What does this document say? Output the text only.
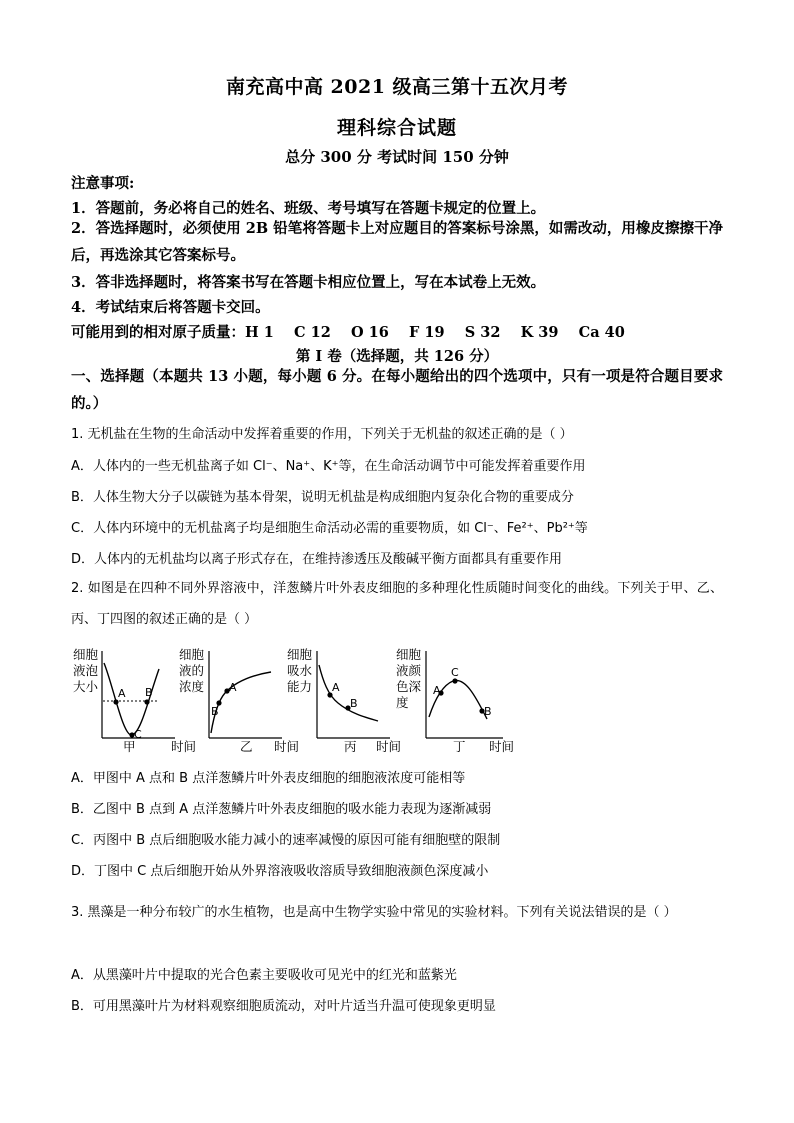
南充高中高 2021 级高三第十五次月考
理科综合试题
总分 300 分 考试时间 150 分钟
注意事项:
1．答题前，务必将自己的姓名、班级、考号填写在答题卡规定的位置上。
2．答选择题时，必须使用 2B 铅笔将答题卡上对应题目的答案标号涂黑，如需改动，用橡皮擦擦干净后，再选涂其它答案标号。
3．答非选择题时，将答案书写在答题卡相应位置上，写在本试卷上无效。
4．考试结束后将答题卡交回。
可能用到的相对原子质量：H 1    C 12    O 16    F 19    S 32    K 39    Ca 40
第 Ⅰ 卷（选择题，共 126 分）
一、选择题（本题共 13 小题，每小题 6 分。在每小题给出的四个选项中，只有一项是符合题目要求的。）
1. 无机盐在生物的生命活动中发挥着重要的作用，下列关于无机盐的叙述正确的是（ ）
A．人体内的一些无机盐离子如 Cl⁻、Na⁺、K⁺等，在生命活动调节中可能发挥着重要作用
B．人体生物大分子以碳链为基本骨架，说明无机盐是构成细胞内复杂化合物的重要成分
C．人体内环境中的无机盐离子均是细胞生命活动必需的重要物质，如 Cl⁻、Fe²⁺、Pb²⁺等
D．人体内的无机盐均以离子形式存在，在维持渗透压及酸碱平衡方面都具有重要作用
2. 如图是在四种不同外界溶液中，洋葱鳞片叶外表皮细胞的多种理化性质随时间变化的曲线。下列关于甲、乙、丙、丁四图的叙述正确的是（ ）
细胞
液泡
大小 A B
C
甲	时间
细胞
液的
浓度 A
B
乙 时间
细胞
吸水
能力 A
B
丙 时间
细胞
液颜
色深
度
A
C
B
丁 时间
A．甲图中 A 点和 B 点洋葱鳞片叶外表皮细胞的细胞液浓度可能相等
B．乙图中 B 点到 A 点洋葱鳞片叶外表皮细胞的吸水能力表现为逐渐减弱
C．丙图中 B 点后细胞吸水能力减小的速率减慢的原因可能有细胞壁的限制
D．丁图中 C 点后细胞开始从外界溶液吸收溶质导致细胞液颜色深度减小
3. 黑藻是一种分布较广的水生植物，也是高中生物学实验中常见的实验材料。下列有关说法错误的是（ ）
A．从黑藻叶片中提取的光合色素主要吸收可见光中的红光和蓝紫光
B．可用黑藻叶片为材料观察细胞质流动，对叶片适当升温可使现象更明显
